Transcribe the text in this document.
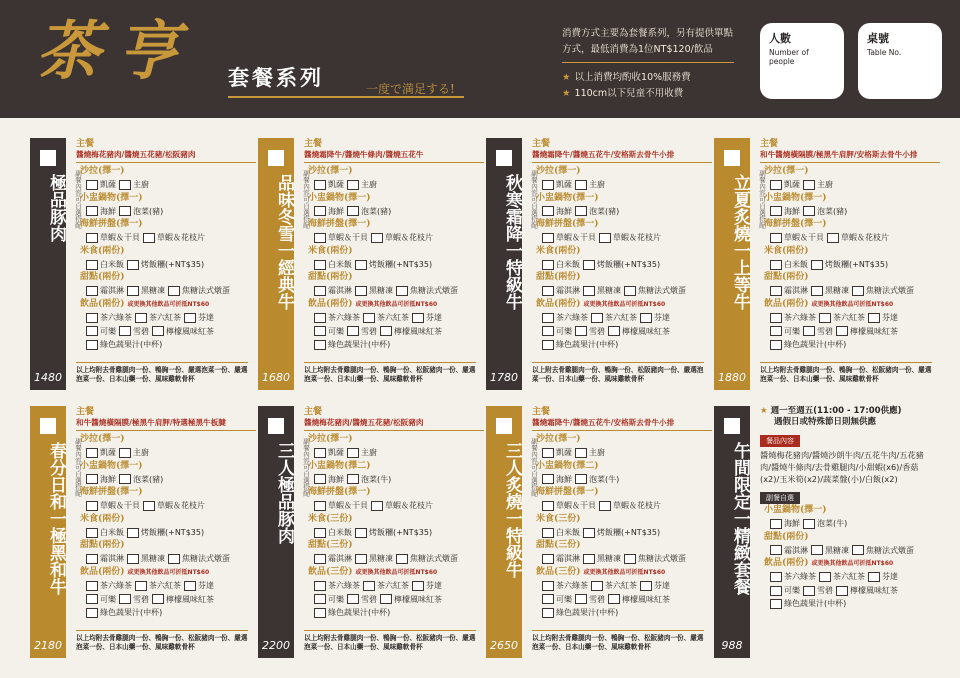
茶亨 套餐系列	一度で満足する!
消費方式主要為套餐系列，另有提供單點方式，最低消費為1位NT$120/飲品
★ 以上消費均酌收10%服務費
★ 110cm以下兒童不用收費
人數
Number of people
桌號
Table No.
極品豚肉
1480
副餐內容可自選搭配
主餐
醬燒梅花豬肉/醬燒五花豬/松阪豬肉
沙拉(擇一)
凱薩 主廚
小盅鍋物(擇一)
海鮮 泡菜(豬)
海鮮拼盤(擇一)
草蝦＆干貝 草蝦＆花枝片
米食(兩份)
白米飯 烤飯糰(+NT$35)
甜點(兩份)
霜淇淋 黑糖凍 焦糖法式燉蛋
飲品(兩份) 或更換其他飲品可折抵NT$60
茶六綠茶 茶六紅茶 芬達
可樂 雪碧 檸檬風味紅茶
綠色蔬果汁(中杯)
以上均附去骨雞腿肉一份、鴨胸一份、嚴選泡菜一份、嚴選泡菜一份、日本山藥一份、風味雞軟骨杯
品味冬雪一經典牛
1680
副餐內容可自選搭配
主餐
醬燒霜降牛/醬燒牛條肉/醬燒五花牛
沙拉(擇一)
凱薩 主廚
小盅鍋物(擇一)
海鮮 泡菜(豬)
海鮮拼盤(擇一)
草蝦＆干貝 草蝦＆花枝片
米食(兩份)
白米飯 烤飯糰(+NT$35)
甜點(兩份)
霜淇淋 黑糖凍 焦糖法式燉蛋
飲品(兩份) 或更換其他飲品可折抵NT$60
茶六綠茶 茶六紅茶 芬達
可樂 雪碧 檸檬風味紅茶
綠色蔬果汁(中杯)
以上均附去骨雞腿肉一份、鴨胸一份、松阪豬肉一份、嚴選泡菜一份、日本山藥一份、風味雞軟骨杯
秋寒霜降一特級牛
1780
副餐內容可自選搭配
主餐
醬燒霜降牛/醬燒五花牛/安格斯去骨牛小排
沙拉(擇一)
凱薩 主廚
小盅鍋物(擇一)
海鮮 泡菜(豬)
海鮮拼盤(擇一)
草蝦＆干貝 草蝦＆花枝片
米食(兩份)
白米飯 烤飯糰(+NT$35)
甜點(兩份)
霜淇淋 黑糖凍 焦糖法式燉蛋
飲品(兩份) 或更換其他飲品可折抵NT$60
茶六綠茶 茶六紅茶 芬達
可樂 雪碧 檸檬風味紅茶
綠色蔬果汁(中杯)
以上附去骨雞腿肉一份、鴨胸一份、松阪豬肉一份、嚴選泡菜一份、日本山藥一份、風味雞軟骨杯
立夏炙燒一上等牛
1880
副餐內容可自選搭配
主餐
和牛醬燒橫隔膜/極黑牛肩胛/安格斯去骨牛小排
沙拉(擇一)
凱薩 主廚
小盅鍋物(擇一)
海鮮 泡菜(豬)
海鮮拼盤(擇一)
草蝦＆干貝 草蝦＆花枝片
米食(兩份)
白米飯 烤飯糰(+NT$35)
甜點(兩份)
霜淇淋 黑糖凍 焦糖法式燉蛋
飲品(兩份) 或更換其他飲品可折抵NT$60
茶六綠茶 茶六紅茶 芬達
可樂 雪碧 檸檬風味紅茶
綠色蔬果汁(中杯)
以上均附去骨雞腿肉一份、鴨胸一份、松阪豬肉一份、嚴選泡菜一份、日本山藥一份、風味雞軟骨杯
春分日和一極黑和牛
2180
副餐內容可自選搭配
主餐
和牛醬燒橫隔膜/極黑牛肩胛/特選極黑牛板腱
沙拉(擇一)
凱薩 主廚
小盅鍋物(擇一)
海鮮 泡菜(豬)
海鮮拼盤(擇一)
草蝦＆干貝 草蝦＆花枝片
米食(兩份)
白米飯 烤飯糰(+NT$35)
甜點(兩份)
霜淇淋 黑糖凍 焦糖法式燉蛋
飲品(兩份) 或更換其他飲品可折抵NT$60
茶六綠茶 茶六紅茶 芬達
可樂 雪碧 檸檬風味紅茶
綠色蔬果汁(中杯)
以上均附去骨雞腿肉一份、鴨胸一份、松阪豬肉一份、嚴選泡菜一份、日本山藥一份、風味雞軟骨杯
三人極品豚肉
2200
副餐內容可自選搭配
主餐
醬燒梅花豬肉/醬燒五花豬/松阪豬肉
沙拉(擇一)
凱薩 主廚
小盅鍋物(擇二)
海鮮 泡菜(牛)
海鮮拼盤(擇一)
草蝦＆干貝 草蝦＆花枝片
米食(三份)
白米飯 烤飯糰(+NT$35)
甜點(三份)
霜淇淋 黑糖凍 焦糖法式燉蛋
飲品(三份) 或更換其他飲品可折抵NT$60
茶六綠茶 茶六紅茶 芬達
可樂 雪碧 檸檬風味紅茶
綠色蔬果汁(中杯)
以上均附去骨雞腿肉一份、鴨胸一份、松阪豬肉一份、嚴選泡菜一份、日本山藥一份、風味雞軟骨杯
三人炙燒一特級牛
2650
副餐內容可自選搭配
主餐
醬燒霜降牛/醬燒五花牛/安格斯去骨牛小排
沙拉(擇一)
凱薩 主廚
小盅鍋物(擇二)
海鮮 泡菜(牛)
海鮮拼盤(擇一)
草蝦＆干貝 草蝦＆花枝片
米食(三份)
白米飯 烤飯糰(+NT$35)
甜點(三份)
霜淇淋 黑糖凍 焦糖法式燉蛋
飲品(三份) 或更換其他飲品可折抵NT$60
茶六綠茶 茶六紅茶 芬達
可樂 雪碧 檸檬風味紅茶
綠色蔬果汁(中杯)
以上均附去骨雞腿肉一份、鴨胸一份、松阪豬肉一份、嚴選泡菜一份、日本山藥一份、風味雞軟骨杯
午間限定一精緻套餐
988
★ 週一至週五(11:00 - 17:00供應)
遇假日或特殊節日則無供應
餐品內容
醬燒梅花豬肉/醬燒沙朗牛肉/五花牛肉/五花豬肉/醬燒牛條肉/去骨雞腿肉/小甜蝦(x6)/香菇(x2)/玉米筍(x2)/蔬菜盤(小)/白飯(x2)
副餐自選
小盅鍋物(擇一)
海鮮 泡菜(牛)
甜點(兩份)
霜淇淋 黑糖凍 焦糖法式燉蛋
飲品(兩份) 或更換其他飲品可折抵NT$60
茶六綠茶 茶六紅茶 芬達
可樂 雪碧 檸檬風味紅茶
綠色蔬果汁(中杯)
